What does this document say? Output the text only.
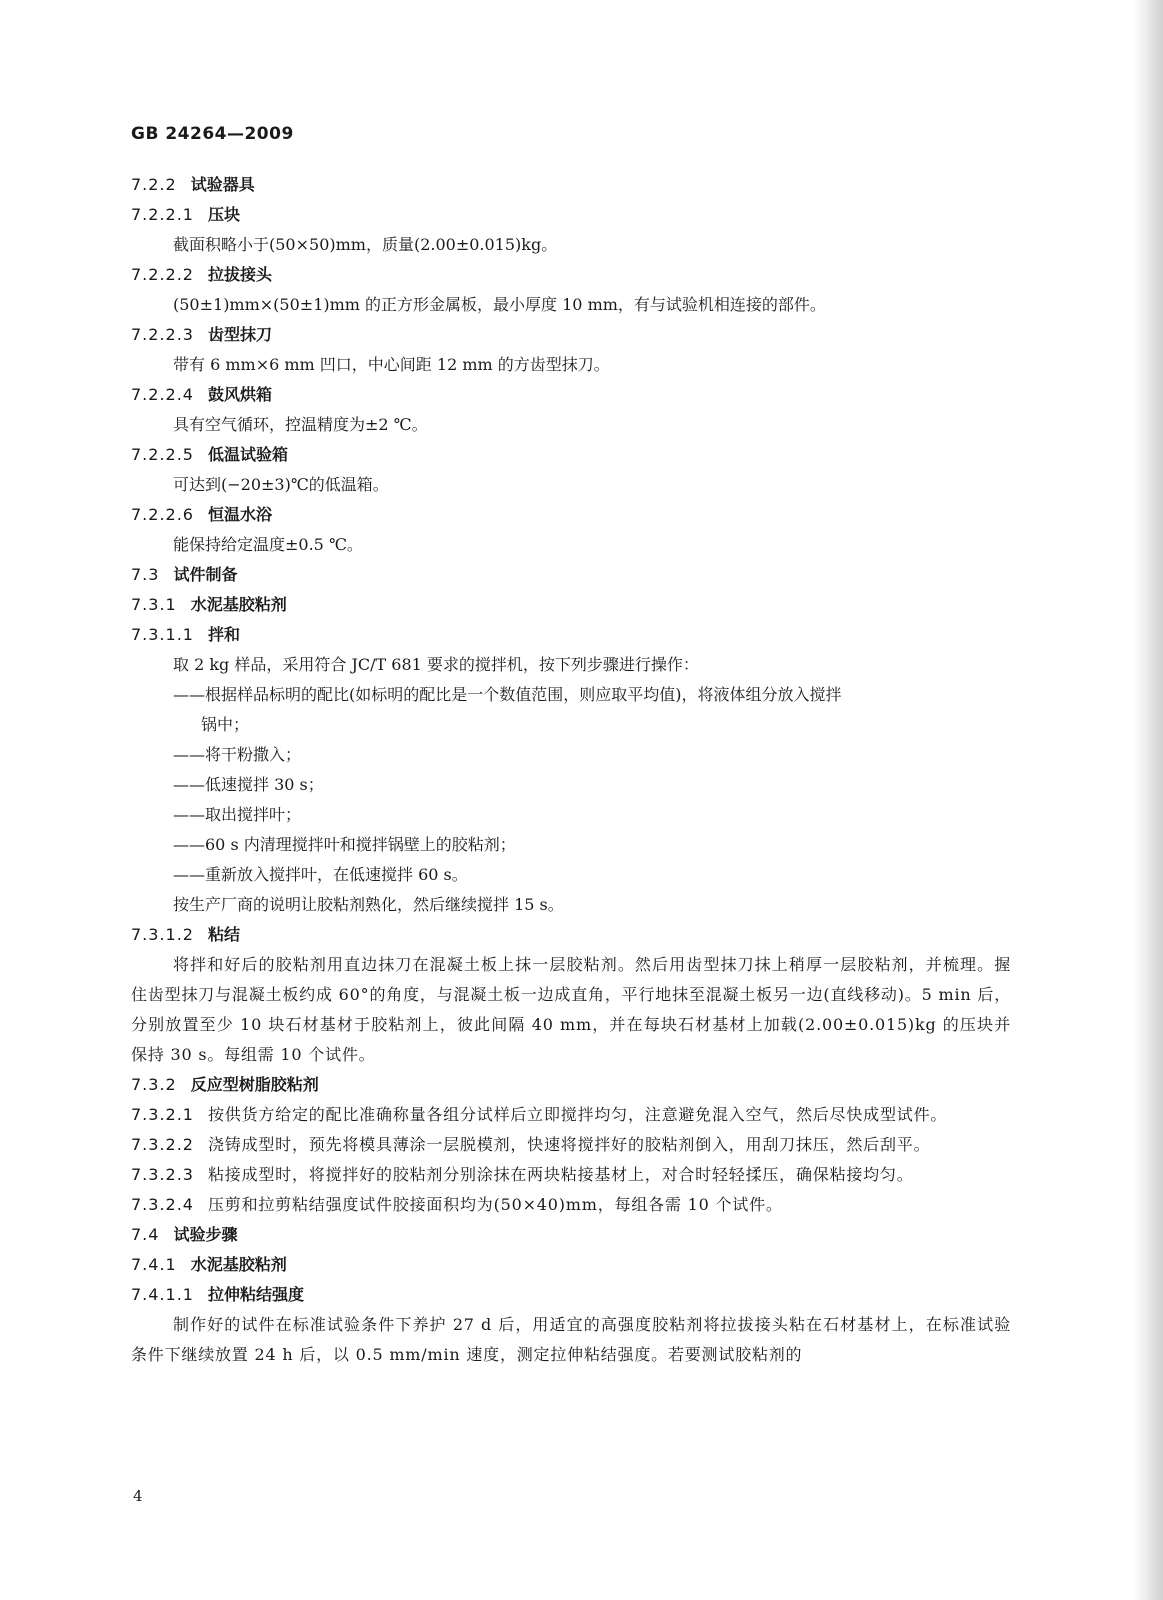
GB 24264—2009
7.2.2 试验器具
7.2.2.1 压块
截面积略小于(50×50)mm，质量(2.00±0.015)kg。
7.2.2.2 拉拔接头
(50±1)mm×(50±1)mm 的正方形金属板，最小厚度 10 mm，有与试验机相连接的部件。
7.2.2.3 齿型抹刀
带有 6 mm×6 mm 凹口，中心间距 12 mm 的方齿型抹刀。
7.2.2.4 鼓风烘箱
具有空气循环，控温精度为±2 ℃。
7.2.2.5 低温试验箱
可达到(−20±3)℃的低温箱。
7.2.2.6 恒温水浴
能保持给定温度±0.5 ℃。
7.3 试件制备
7.3.1 水泥基胶粘剂
7.3.1.1 拌和
取 2 kg 样品，采用符合 JC/T 681 要求的搅拌机，按下列步骤进行操作：
——根据样品标明的配比(如标明的配比是一个数值范围，则应取平均值)，将液体组分放入搅拌
锅中；
——将干粉撒入；
——低速搅拌 30 s；
——取出搅拌叶；
——60 s 内清理搅拌叶和搅拌锅壁上的胶粘剂；
——重新放入搅拌叶，在低速搅拌 60 s。
按生产厂商的说明让胶粘剂熟化，然后继续搅拌 15 s。
7.3.1.2 粘结
将拌和好后的胶粘剂用直边抹刀在混凝土板上抹一层胶粘剂。然后用齿型抹刀抹上稍厚一层胶粘剂，并梳理。握住齿型抹刀与混凝土板约成 60°的角度，与混凝土板一边成直角，平行地抹至混凝土板另一边(直线移动)。5 min 后，分别放置至少 10 块石材基材于胶粘剂上，彼此间隔 40 mm，并在每块石材基材上加载(2.00±0.015)kg 的压块并保持 30 s。每组需 10 个试件。
7.3.2 反应型树脂胶粘剂
7.3.2.1 按供货方给定的配比准确称量各组分试样后立即搅拌均匀，注意避免混入空气，然后尽快成型试件。
7.3.2.2 浇铸成型时，预先将模具薄涂一层脱模剂，快速将搅拌好的胶粘剂倒入，用刮刀抹压，然后刮平。
7.3.2.3 粘接成型时，将搅拌好的胶粘剂分别涂抹在两块粘接基材上，对合时轻轻揉压，确保粘接均匀。
7.3.2.4 压剪和拉剪粘结强度试件胶接面积均为(50×40)mm，每组各需 10 个试件。
7.4 试验步骤
7.4.1 水泥基胶粘剂
7.4.1.1 拉伸粘结强度
制作好的试件在标准试验条件下养护 27 d 后，用适宜的高强度胶粘剂将拉拔接头粘在石材基材上，在标准试验条件下继续放置 24 h 后，以 0.5 mm/min 速度，测定拉伸粘结强度。若要测试胶粘剂的
4
